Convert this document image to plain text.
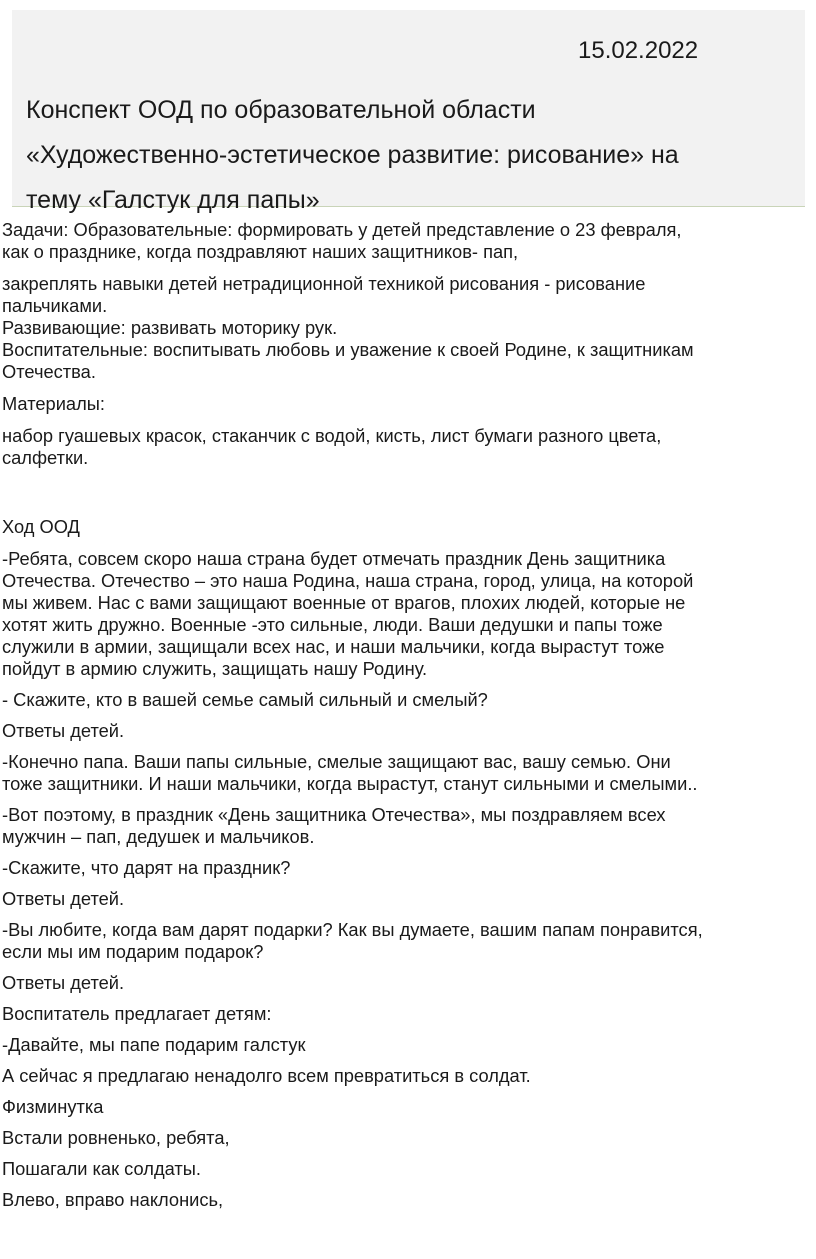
15.02.2022
Конспект ООД по образовательной области
«Художественно-эстетическое развитие: рисование» на
тему «Галстук для папы»

Задачи: Образовательные: формировать у детей представление о 23 февраля,

как о празднике, когда поздравляют наших защитников- пап,

закреплять навыки детей нетрадиционной техникой рисования - рисование

пальчиками.

Развивающие: развивать моторику рук.

Воспитательные: воспитывать любовь и уважение к своей Родине, к защитникам

Отечества.

Материалы:

набор гуашевых красок, стаканчик с водой, кисть, лист бумаги разного цвета,

салфетки.

Ход ООД

-Ребята, совсем скоро наша страна будет отмечать праздник День защитника

Отечества. Отечество – это наша Родина, наша страна, город, улица, на которой

мы живем. Нас с вами защищают военные от врагов, плохих людей, которые не

хотят жить дружно. Военные -это сильные, люди. Ваши дедушки и папы тоже

служили в армии, защищали всех нас, и наши мальчики, когда вырастут тоже

пойдут в армию служить, защищать нашу Родину.

- Скажите, кто в вашей семье самый сильный и смелый?

Ответы детей.

-Конечно папа. Ваши папы сильные, смелые защищают вас, вашу семью. Они

тоже защитники. И наши мальчики, когда вырастут, станут сильными и смелыми..

-Вот поэтому, в праздник «День защитника Отечества», мы поздравляем всех

мужчин – пап, дедушек и мальчиков.

-Скажите, что дарят на праздник?

Ответы детей.

-Вы любите, когда вам дарят подарки? Как вы думаете, вашим папам понравится,

если мы им подарим подарок?

Ответы детей.

Воспитатель предлагает детям:

-Давайте, мы папе подарим галстук

А сейчас я предлагаю ненадолго всем превратиться в солдат.

Физминутка

Встали ровненько, ребята,

Пошагали как солдаты.

Влево, вправо наклонись,
